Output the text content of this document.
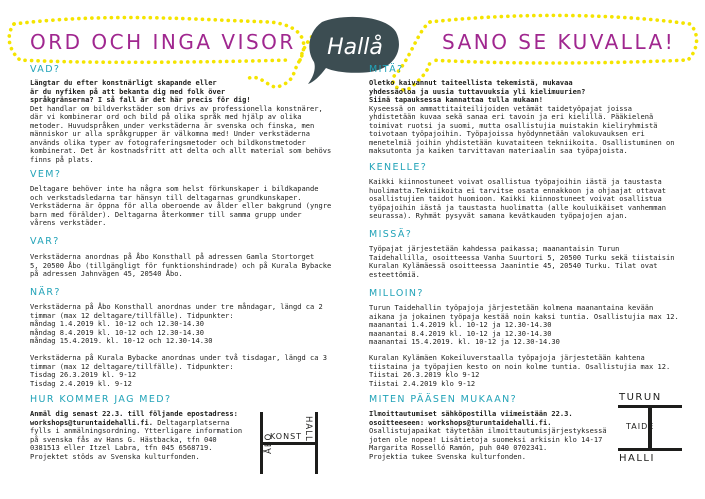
ORD OCH INGA VISOR	SANO SE KUVALLA!
Hallå
VAD?
Längtar du efter konstnärligt skapande eller
är du nyfiken på att bekanta dig med folk över
språkgränserna? I så fall är det här precis för dig!
Det handlar om bildverkstäder som drivs av professionella konstnärer,
där vi kombinerar ord och bild på olika språk med hjälp av olika
metoder. Huvudspråken under verkstäderna är svenska och finska, men
människor ur alla språkgrupper är välkomna med! Under verkstäderna
används olika typer av fotograferingsmetoder och bildkonstmetoder
kombinerat. Det är kostnadsfritt att delta och allt material som behövs
finns på plats.
VEM?
Deltagare behöver inte ha några som helst förkunskaper i bildkapande
och verkstadsledarna tar hänsyn till deltagarnas grundkunskaper.
Verkstäderna är öppna för alla oberoende av ålder eller bakgrund (yngre
barn med förälder). Deltagarna återkommer till samma grupp under
vårens verkstäder.
VAR?
Verkstäderna anordnas på Åbo Konsthall på adressen Gamla Stortorget
5, 20500 Åbo (tillgängligt för funktionshindrade) och på Kurala Bybacke
på adressen Jahnvägen 45, 20540 Åbo.
NÄR?
Verkstäderna på Åbo Konsthall anordnas under tre måndagar, längd ca 2
timmar (max 12 deltagare/tillfälle). Tidpunkter:
måndag 1.4.2019 kl. 10-12 och 12.30-14.30
måndag 8.4.2019 kl. 10-12 och 12.30-14.30
måndag 15.4.2019. kl. 10-12 och 12.30-14.30
Verkstäderna på Kurala Bybacke anordnas under två tisdagar, längd ca 3
timmar (max 12 deltagare/tillfälle). Tidpunkter:
Tisdag 26.3.2019 kl. 9-12
Tisdag 2.4.2019 kl. 9-12
HUR KOMMER JAG MED?
Anmäl dig senast 22.3. till följande epostadress:
workshops@turuntaidehalli.fi. Deltagarplatserna
fylls i anmälningsordning. Ytterligare information
på svenska fås av Hans G. Hästbacka, tfn 040
0381513 eller Itzel Labra, tfn 045 6568719.
Projektet stöds av Svenska kulturfonden.
ÅBO
KONST HALL
MITÄ?
Oletko kaivannut taiteellista tekemistä, mukavaa
yhdessäoloa ja uusia tuttavuuksia yli kielimuurien?
Siinä tapauksessa kannattaa tulla mukaan!
Kyseessä on ammattitaiteilijoiden vetämät taidetyöpajat joissa
yhdistetään kuvaa sekä sanaa eri tavoin ja eri kielillä. Pääkielenä
toimivat ruotsi ja suomi, mutta osallistujia muistakin kieliryhmistä
toivotaan työpajoihin. Työpajoissa hyödynnetään valokuvauksen eri
menetelmiä joihin yhdistetään kuvataiteen tekniikoita. Osallistuminen on
maksutonta ja kaiken tarvittavan materiaalin saa työpajoista.
KENELLE?
Kaikki kiinnostuneet voivat osallistua työpajoihin iästä ja taustasta
huolimatta.Tekniikoita ei tarvitse osata ennakkoon ja ohjaajat ottavat
osallistujien taidot huomioon. Kaikki kiinnostuneet voivat osallistua
työpajoihin iästä ja taustasta huolimatta (alle kouluikäiset vanhemman
seurassa). Ryhmät pysyvät samana kevätkauden työpajojen ajan.
MISSÄ?
Työpajat järjestetään kahdessa paikassa; maanantaisin Turun
Taidehallilla, osoitteessa Vanha Suurtori 5, 20500 Turku sekä tiistaisin
Kuralan Kylämäessä osoitteessa Jaanintie 45, 20540 Turku. Tilat ovat
esteettömiä.
MILLOIN?
Turun Taidehallin työpajoja järjestetään kolmena maanantaina kevään
aikana ja jokainen työpaja kestää noin kaksi tuntia. Osallistujia max 12.
maanantai 1.4.2019 kl. 10-12 ja 12.30-14.30
maanantai 8.4.2019 kl. 10-12 ja 12.30-14.30
maanantai 15.4.2019. kl. 10-12 ja 12.30-14.30
Kuralan Kylämäen Kokeiluverstaalla työpajoja järjestetään kahtena
tiistaina ja työpajien kesto on noin kolme tuntia. Osallistujia max 12.
Tiistai 26.3.2019 klo 9-12
Tiistai 2.4.2019 klo 9-12
MITEN PÄÄSEN MUKAAN?
Ilmoittautumiset sähköpostilla viimeistään 22.3.
osoitteeseen: workshops@turuntaidehalli.fi.
Osallistujapaikat täytetään ilmoittautumisjärjestyksessä
joten ole nopea! Lisätietoja suomeksi arkisin klo 14-17
Margarita Rosselló Ramón, puh 040 0702341.
Projektia tukee Svenska kulturfonden.
TURUN
TAIDE
HALLI
